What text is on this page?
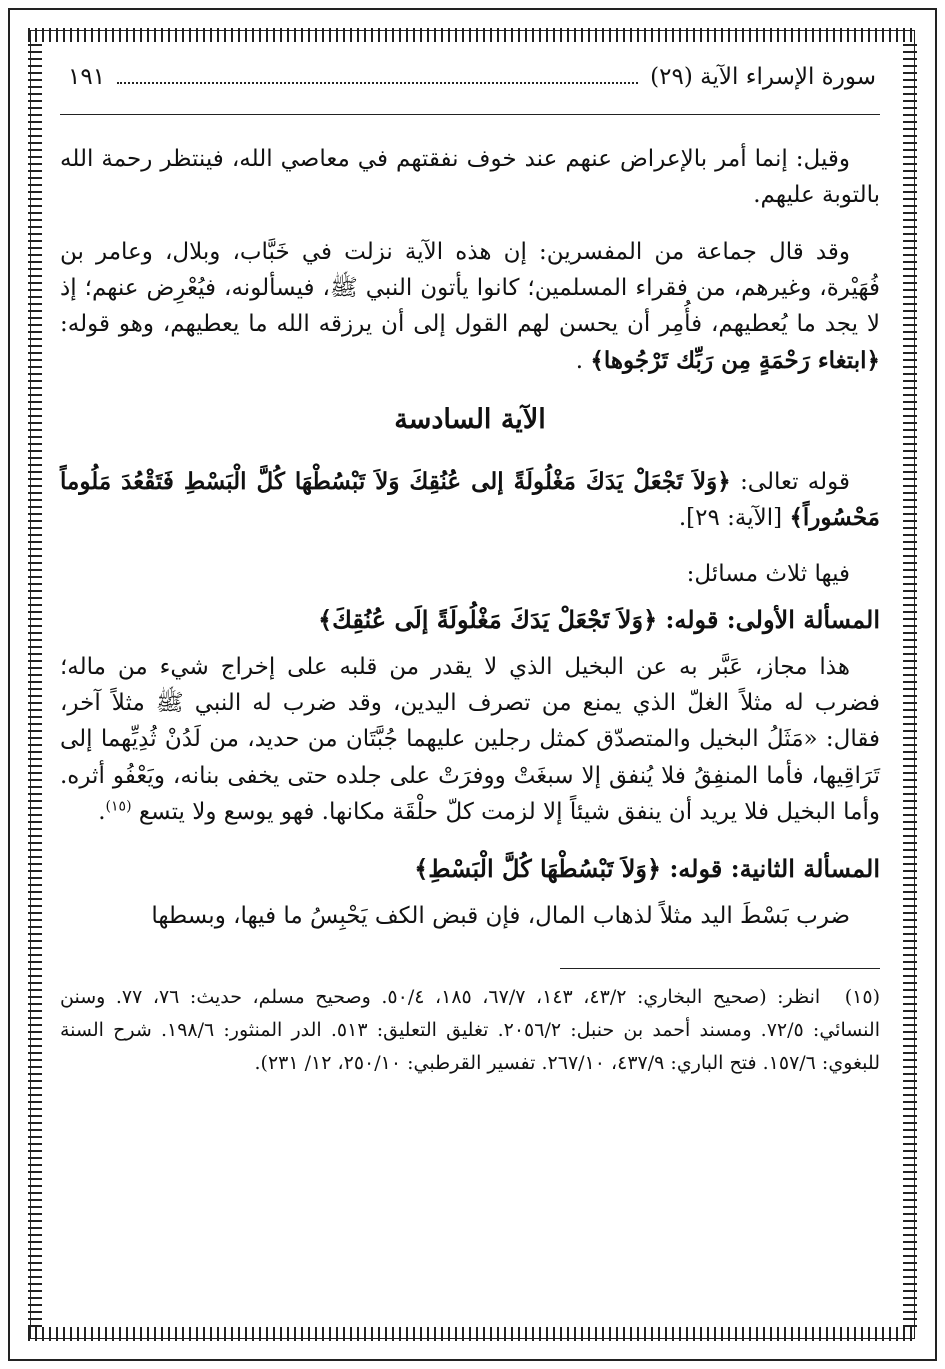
سورة الإسراء الآية (٢٩)
١٩١

وقيل: إنما أمر بالإعراض عنهم عند خوف نفقتهم في معاصي الله، فينتظر رحمة الله بالتوبة عليهم.

وقد قال جماعة من المفسرين: إن هذه الآية نزلت في خَبَّاب، وبلال، وعامر بن فُهَيْرة، وغيرهم، من فقراء المسلمين؛ كانوا يأتون النبي ﷺ، فيسألونه، فيُعْرِض عنهم؛ إذ لا يجد ما يُعطيهم، فأُمِر أن يحسن لهم القول إلى أن يرزقه الله ما يعطيهم، وهو قوله: ﴿ابتغاء رَحْمَةٍ مِن رَبِّك تَرْجُوها﴾ .

الآية السادسة

قوله تعالى: ﴿وَلاَ تَجْعَلْ يَدَكَ مَغْلُولَةً إلى عُنُقِكَ وَلاَ تَبْسُطْهَا كُلَّ الْبَسْطِ فَتَقْعُدَ مَلُوماً مَحْسُوراً﴾ [الآية: ٢٩].

فيها ثلاث مسائل:

المسألة الأولى: قوله: ﴿وَلاَ تَجْعَلْ يَدَكَ مَغْلُولَةً إلَى عُنُقِكَ﴾

هذا مجاز، عَبَّر به عن البخيل الذي لا يقدر من قلبه على إخراج شيء من ماله؛ فضرب له مثلاً الغلّ الذي يمنع من تصرف اليدين، وقد ضرب له النبي ﷺ مثلاً آخر، فقال: «مَثَلُ البخيل والمتصدّق كمثل رجلين عليهما جُبَّتَان من حديد، من لَدُنْ ثُدِيِّهما إلى تَرَاقِيها، فأما المنفِقُ فلا يُنفق إلا سبغَتْ ووفرَتْ على جلده حتى يخفى بنانه، ويَعْفُو أثره. وأما البخيل فلا يريد أن ينفق شيئاً إلا لزمت كلّ حلْقَة مكانها. فهو يوسع ولا يتسع $^{(١٥)}$.

المسألة الثانية: قوله: ﴿وَلاَ تَبْسُطْهَا كُلَّ الْبَسْطِ﴾

ضرب بَسْطَ اليد مثلاً لذهاب المال، فإن قبض الكف يَحْبِسُ ما فيها، وبسطها

(١٥) انظر: (صحيح البخاري: ٤٣/٢، ١٤٣، ٦٧/٧، ١٨٥، ٥٠/٤. وصحيح مسلم، حديث: ٧٦، ٧٧. وسنن النسائي: ٧٢/٥. ومسند أحمد بن حنبل: ٢٠٥٦/٢. تغليق التعليق: ٥١٣. الدر المنثور: ١٩٨/٦. شرح السنة للبغوي: ١٥٧/٦. فتح الباري: ٤٣٧/٩، ٢٦٧/١٠. تفسير القرطبي: ٢٥٠/١٠، ١٢/ ٢٣١).
